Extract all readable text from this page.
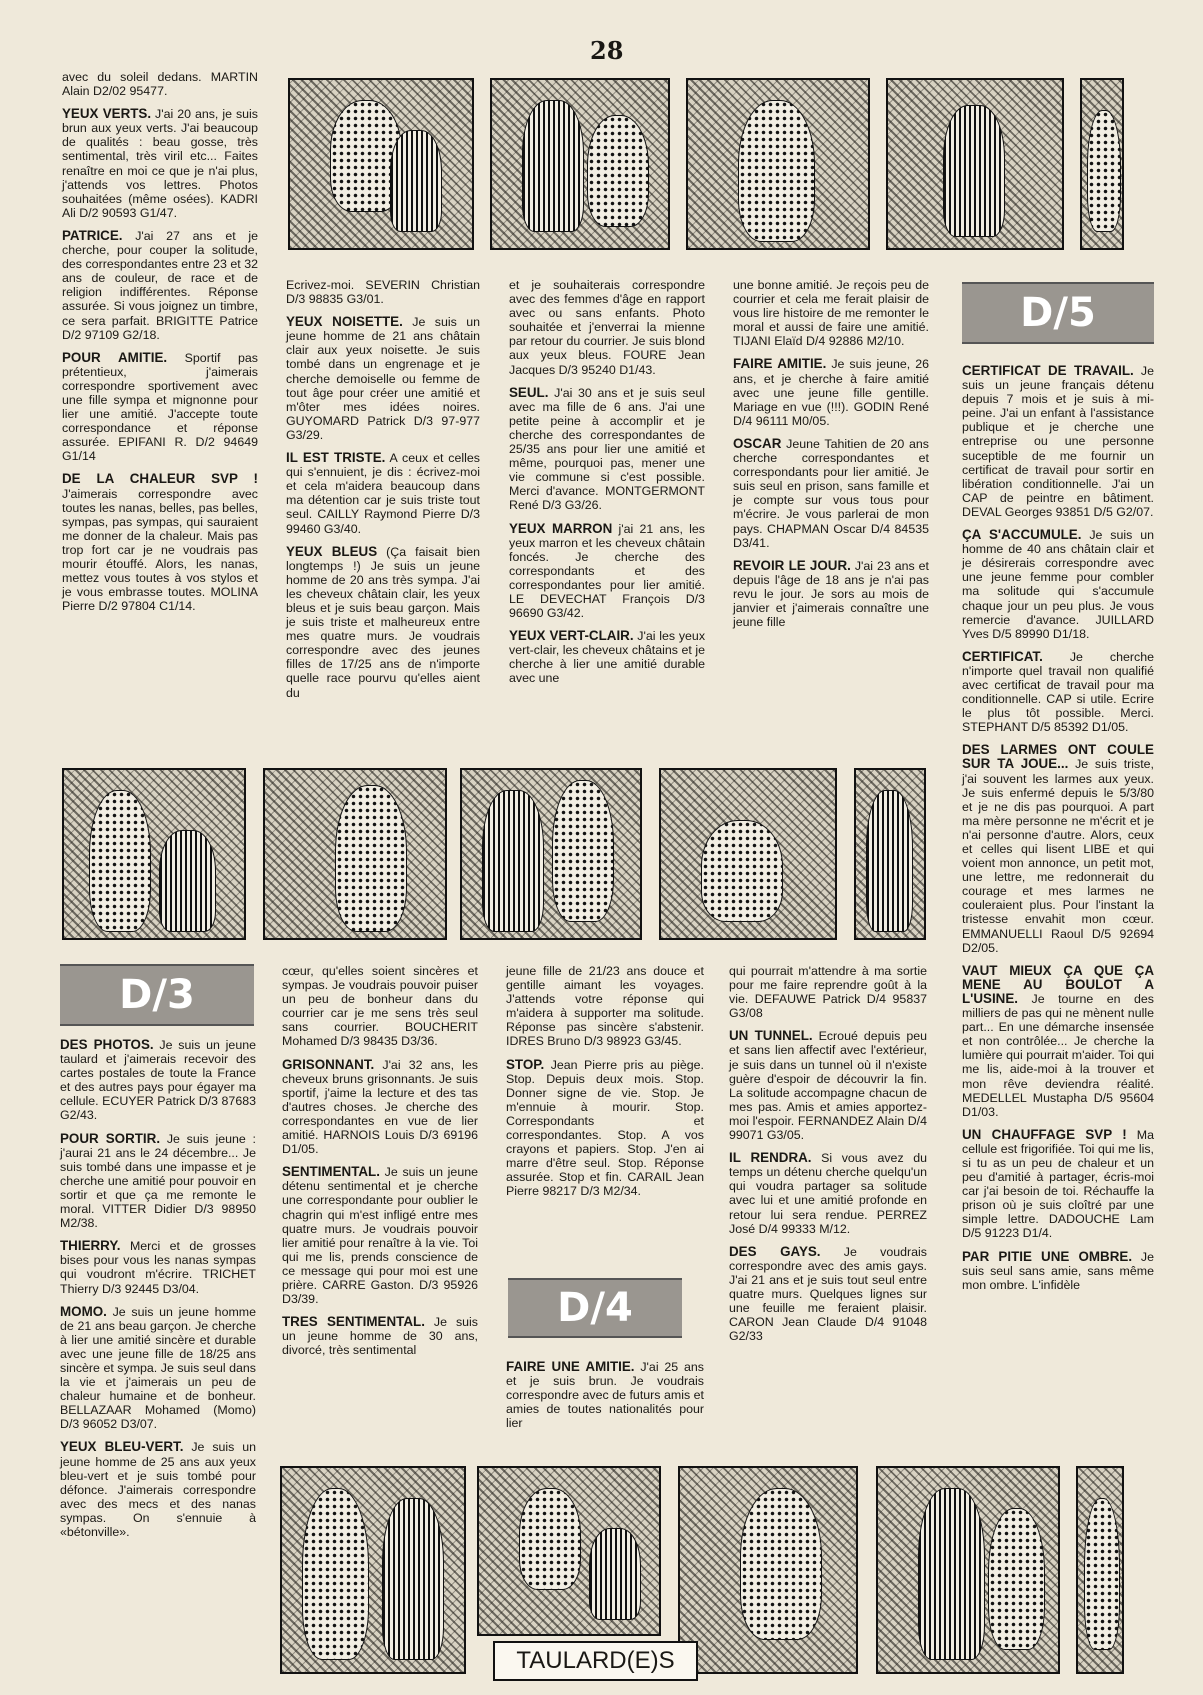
28
D/5
D/3
D/4
avec du soleil dedans. MARTIN Alain D2/02 95477.
YEUX VERTS. J'ai 20 ans, je suis brun aux yeux verts. J'ai beaucoup de qualités : beau gosse, très sentimental, très viril etc... Faites renaître en moi ce que je n'ai plus, j'attends vos lettres. Photos souhaitées (même osées). KADRI Ali D/2 90593 G1/47.
PATRICE. J'ai 27 ans et je cherche, pour couper la solitude, des correspondantes entre 23 et 32 ans de couleur, de race et de religion indifférentes. Réponse assurée. Si vous joignez un timbre, ce sera parfait. BRIGITTE Patrice D/2 97109 G2/18.
POUR AMITIE. Sportif pas prétentieux, j'aimerais correspondre sportivement avec une fille sympa et mignonne pour lier une amitié. J'accepte toute correspondance et réponse assurée. EPIFANI R. D/2 94649 G1/14
DE LA CHALEUR SVP ! J'aimerais correspondre avec toutes les nanas, belles, pas belles, sympas, pas sympas, qui sauraient me donner de la chaleur. Mais pas trop fort car je ne voudrais pas mourir étouffé. Alors, les nanas, mettez vous toutes à vos stylos et je vous embrasse toutes. MOLINA Pierre D/2 97804 C1/14.
Ecrivez-moi. SEVERIN Christian D/3 98835 G3/01.
YEUX NOISETTE. Je suis un jeune homme de 21 ans châtain clair aux yeux noisette. Je suis tombé dans un engrenage et je cherche demoiselle ou femme de tout âge pour créer une amitié et m'ôter mes idées noires. GUYOMARD Patrick D/3 97-977 G3/29.
IL EST TRISTE. A ceux et celles qui s'ennuient, je dis : écrivez-moi et cela m'aidera beaucoup dans ma détention car je suis triste tout seul. CAILLY Raymond Pierre D/3 99460 G3/40.
YEUX BLEUS (Ça faisait bien longtemps !) Je suis un jeune homme de 20 ans très sympa. J'ai les cheveux châtain clair, les yeux bleus et je suis beau garçon. Mais je suis triste et malheureux entre mes quatre murs. Je voudrais correspondre avec des jeunes filles de 17/25 ans de n'importe quelle race pourvu qu'elles aient du
et je souhaiterais correspondre avec des femmes d'âge en rapport avec ou sans enfants. Photo souhaitée et j'enverrai la mienne par retour du courrier. Je suis blond aux yeux bleus. FOURE Jean Jacques D/3 95240 D1/43.
SEUL. J'ai 30 ans et je suis seul avec ma fille de 6 ans. J'ai une petite peine à accomplir et je cherche des correspondantes de 25/35 ans pour lier une amitié et même, pourquoi pas, mener une vie commune si c'est possible. Merci d'avance. MONTGERMONT René D/3 G3/26.
YEUX MARRON j'ai 21 ans, les yeux marron et les cheveux châtain foncés. Je cherche des correspondants et des correspondantes pour lier amitié. LE DEVECHAT François D/3 96690 G3/42.
YEUX VERT-CLAIR. J'ai les yeux vert-clair, les cheveux châtains et je cherche à lier une amitié durable avec une
une bonne amitié. Je reçois peu de courrier et cela me ferait plaisir de vous lire histoire de me remonter le moral et aussi de faire une amitié. TIJANI Elaïd D/4 92886 M2/10.
FAIRE AMITIE. Je suis jeune, 26 ans, et je cherche à faire amitié avec une jeune fille gentille. Mariage en vue (!!!). GODIN René D/4 96111 M0/05.
OSCAR Jeune Tahitien de 20 ans cherche correspondantes et correspondants pour lier amitié. Je suis seul en prison, sans famille et je compte sur vous tous pour m'écrire. Je vous parlerai de mon pays. CHAPMAN Oscar D/4 84535 D3/41.
REVOIR LE JOUR. J'ai 23 ans et depuis l'âge de 18 ans je n'ai pas revu le jour. Je sors au mois de janvier et j'aimerais connaître une jeune fille
CERTIFICAT DE TRAVAIL. Je suis un jeune français détenu depuis 7 mois et je suis à mi-peine. J'ai un enfant à l'assistance publique et je cherche une entreprise ou une personne suceptible de me fournir un certificat de travail pour sortir en libération conditionnelle. J'ai un CAP de peintre en bâtiment. DEVAL Georges 93851 D/5 G2/07.
ÇA S'ACCUMULE. Je suis un homme de 40 ans châtain clair et je désirerais correspondre avec une jeune femme pour combler ma solitude qui s'accumule chaque jour un peu plus. Je vous remercie d'avance. JUILLARD Yves D/5 89990 D1/18.
CERTIFICAT. Je cherche n'importe quel travail non qualifié avec certificat de travail pour ma conditionnelle. CAP si utile. Ecrire le plus tôt possible. Merci. STEPHANT D/5 85392 D1/05.
DES LARMES ONT COULE SUR TA JOUE... Je suis triste, j'ai souvent les larmes aux yeux. Je suis enfermé depuis le 5/3/80 et je ne dis pas pourquoi. A part ma mère personne ne m'écrit et je n'ai personne d'autre. Alors, ceux et celles qui lisent LIBE et qui voient mon annonce, un petit mot, une lettre, me redonnerait du courage et mes larmes ne couleraient plus. Pour l'instant la tristesse envahit mon cœur. EMMANUELLI Raoul D/5 92694 D2/05.
VAUT MIEUX ÇA QUE ÇA MENE AU BOULOT A L'USINE. Je tourne en des milliers de pas qui ne mènent nulle part... En une démarche insensée et non contrôlée... Je cherche la lumière qui pourrait m'aider. Toi qui me lis, aide-moi à la trouver et mon rêve deviendra réalité. MEDELLEL Mustapha D/5 95604 D1/03.
UN CHAUFFAGE SVP ! Ma cellule est frigorifiée. Toi qui me lis, si tu as un peu de chaleur et un peu d'amitié à partager, écris-moi car j'ai besoin de toi. Réchauffe la prison où je suis cloîtré par une simple lettre. DADOUCHE Lam D/5 91223 D1/4.
PAR PITIE UNE OMBRE. Je suis seul sans amie, sans même mon ombre. L'infidèle
DES PHOTOS. Je suis un jeune taulard et j'aimerais recevoir des cartes postales de toute la France et des autres pays pour égayer ma cellule. ECUYER Patrick D/3 87683 G2/43.
POUR SORTIR. Je suis jeune : j'aurai 21 ans le 24 décembre... Je suis tombé dans une impasse et je cherche une amitié pour pouvoir en sortir et que ça me remonte le moral. VITTER Didier D/3 98950 M2/38.
THIERRY. Merci et de grosses bises pour vous les nanas sympas qui voudront m'écrire. TRICHET Thierry D/3 92445 D3/04.
MOMO. Je suis un jeune homme de 21 ans beau garçon. Je cherche à lier une amitié sincère et durable avec une jeune fille de 18/25 ans sincère et sympa. Je suis seul dans la vie et j'aimerais un peu de chaleur humaine et de bonheur. BELLAZAAR Mohamed (Momo) D/3 96052 D3/07.
YEUX BLEU-VERT. Je suis un jeune homme de 25 ans aux yeux bleu-vert et je suis tombé pour défonce. J'aimerais correspondre avec des mecs et des nanas sympas. On s'ennuie à «bétonville».
cœur, qu'elles soient sincères et sympas. Je voudrais pouvoir puiser un peu de bonheur dans du courrier car je me sens très seul sans courrier. BOUCHERIT Mohamed D/3 98435 D3/36.
GRISONNANT. J'ai 32 ans, les cheveux bruns grisonnants. Je suis sportif, j'aime la lecture et des tas d'autres choses. Je cherche des correspondantes en vue de lier amitié. HARNOIS Louis D/3 69196 D1/05.
SENTIMENTAL. Je suis un jeune détenu sentimental et je cherche une correspondante pour oublier le chagrin qui m'est infligé entre mes quatre murs. Je voudrais pouvoir lier amitié pour renaître à la vie. Toi qui me lis, prends conscience de ce message qui pour moi est une prière. CARRE Gaston. D/3 95926 D3/39.
TRES SENTIMENTAL. Je suis un jeune homme de 30 ans, divorcé, très sentimental
jeune fille de 21/23 ans douce et gentille aimant les voyages. J'attends votre réponse qui m'aidera à supporter ma solitude. Réponse pas sincère s'abstenir. IDRES Bruno D/3 98923 G3/45.
STOP. Jean Pierre pris au piège. Stop. Depuis deux mois. Stop. Donner signe de vie. Stop. Je m'ennuie à mourir. Stop. Correspondants et correspondantes. Stop. A vos crayons et papiers. Stop. J'en ai marre d'être seul. Stop. Réponse assurée. Stop et fin. CARAIL Jean Pierre 98217 D/3 M2/34.
FAIRE UNE AMITIE. J'ai 25 ans et je suis brun. Je voudrais correspondre avec de futurs amis et amies de toutes nationalités pour lier
qui pourrait m'attendre à ma sortie pour me faire reprendre goût à la vie. DEFAUWE Patrick D/4 95837 G3/08
UN TUNNEL. Ecroué depuis peu et sans lien affectif avec l'extérieur, je suis dans un tunnel où il n'existe guère d'espoir de découvrir la fin. La solitude accompagne chacun de mes pas. Amis et amies apportez-moi l'espoir. FERNANDEZ Alain D/4 99071 G3/05.
IL RENDRA. Si vous avez du temps un détenu cherche quelqu'un qui voudra partager sa solitude avec lui et une amitié profonde en retour lui sera rendue. PERREZ José D/4 99333 M/12.
DES GAYS. Je voudrais correspondre avec des amis gays. J'ai 21 ans et je suis tout seul entre quatre murs. Quelques lignes sur une feuille me feraient plaisir. CARON Jean Claude D/4 91048 G2/33
TAULARD(E)S
